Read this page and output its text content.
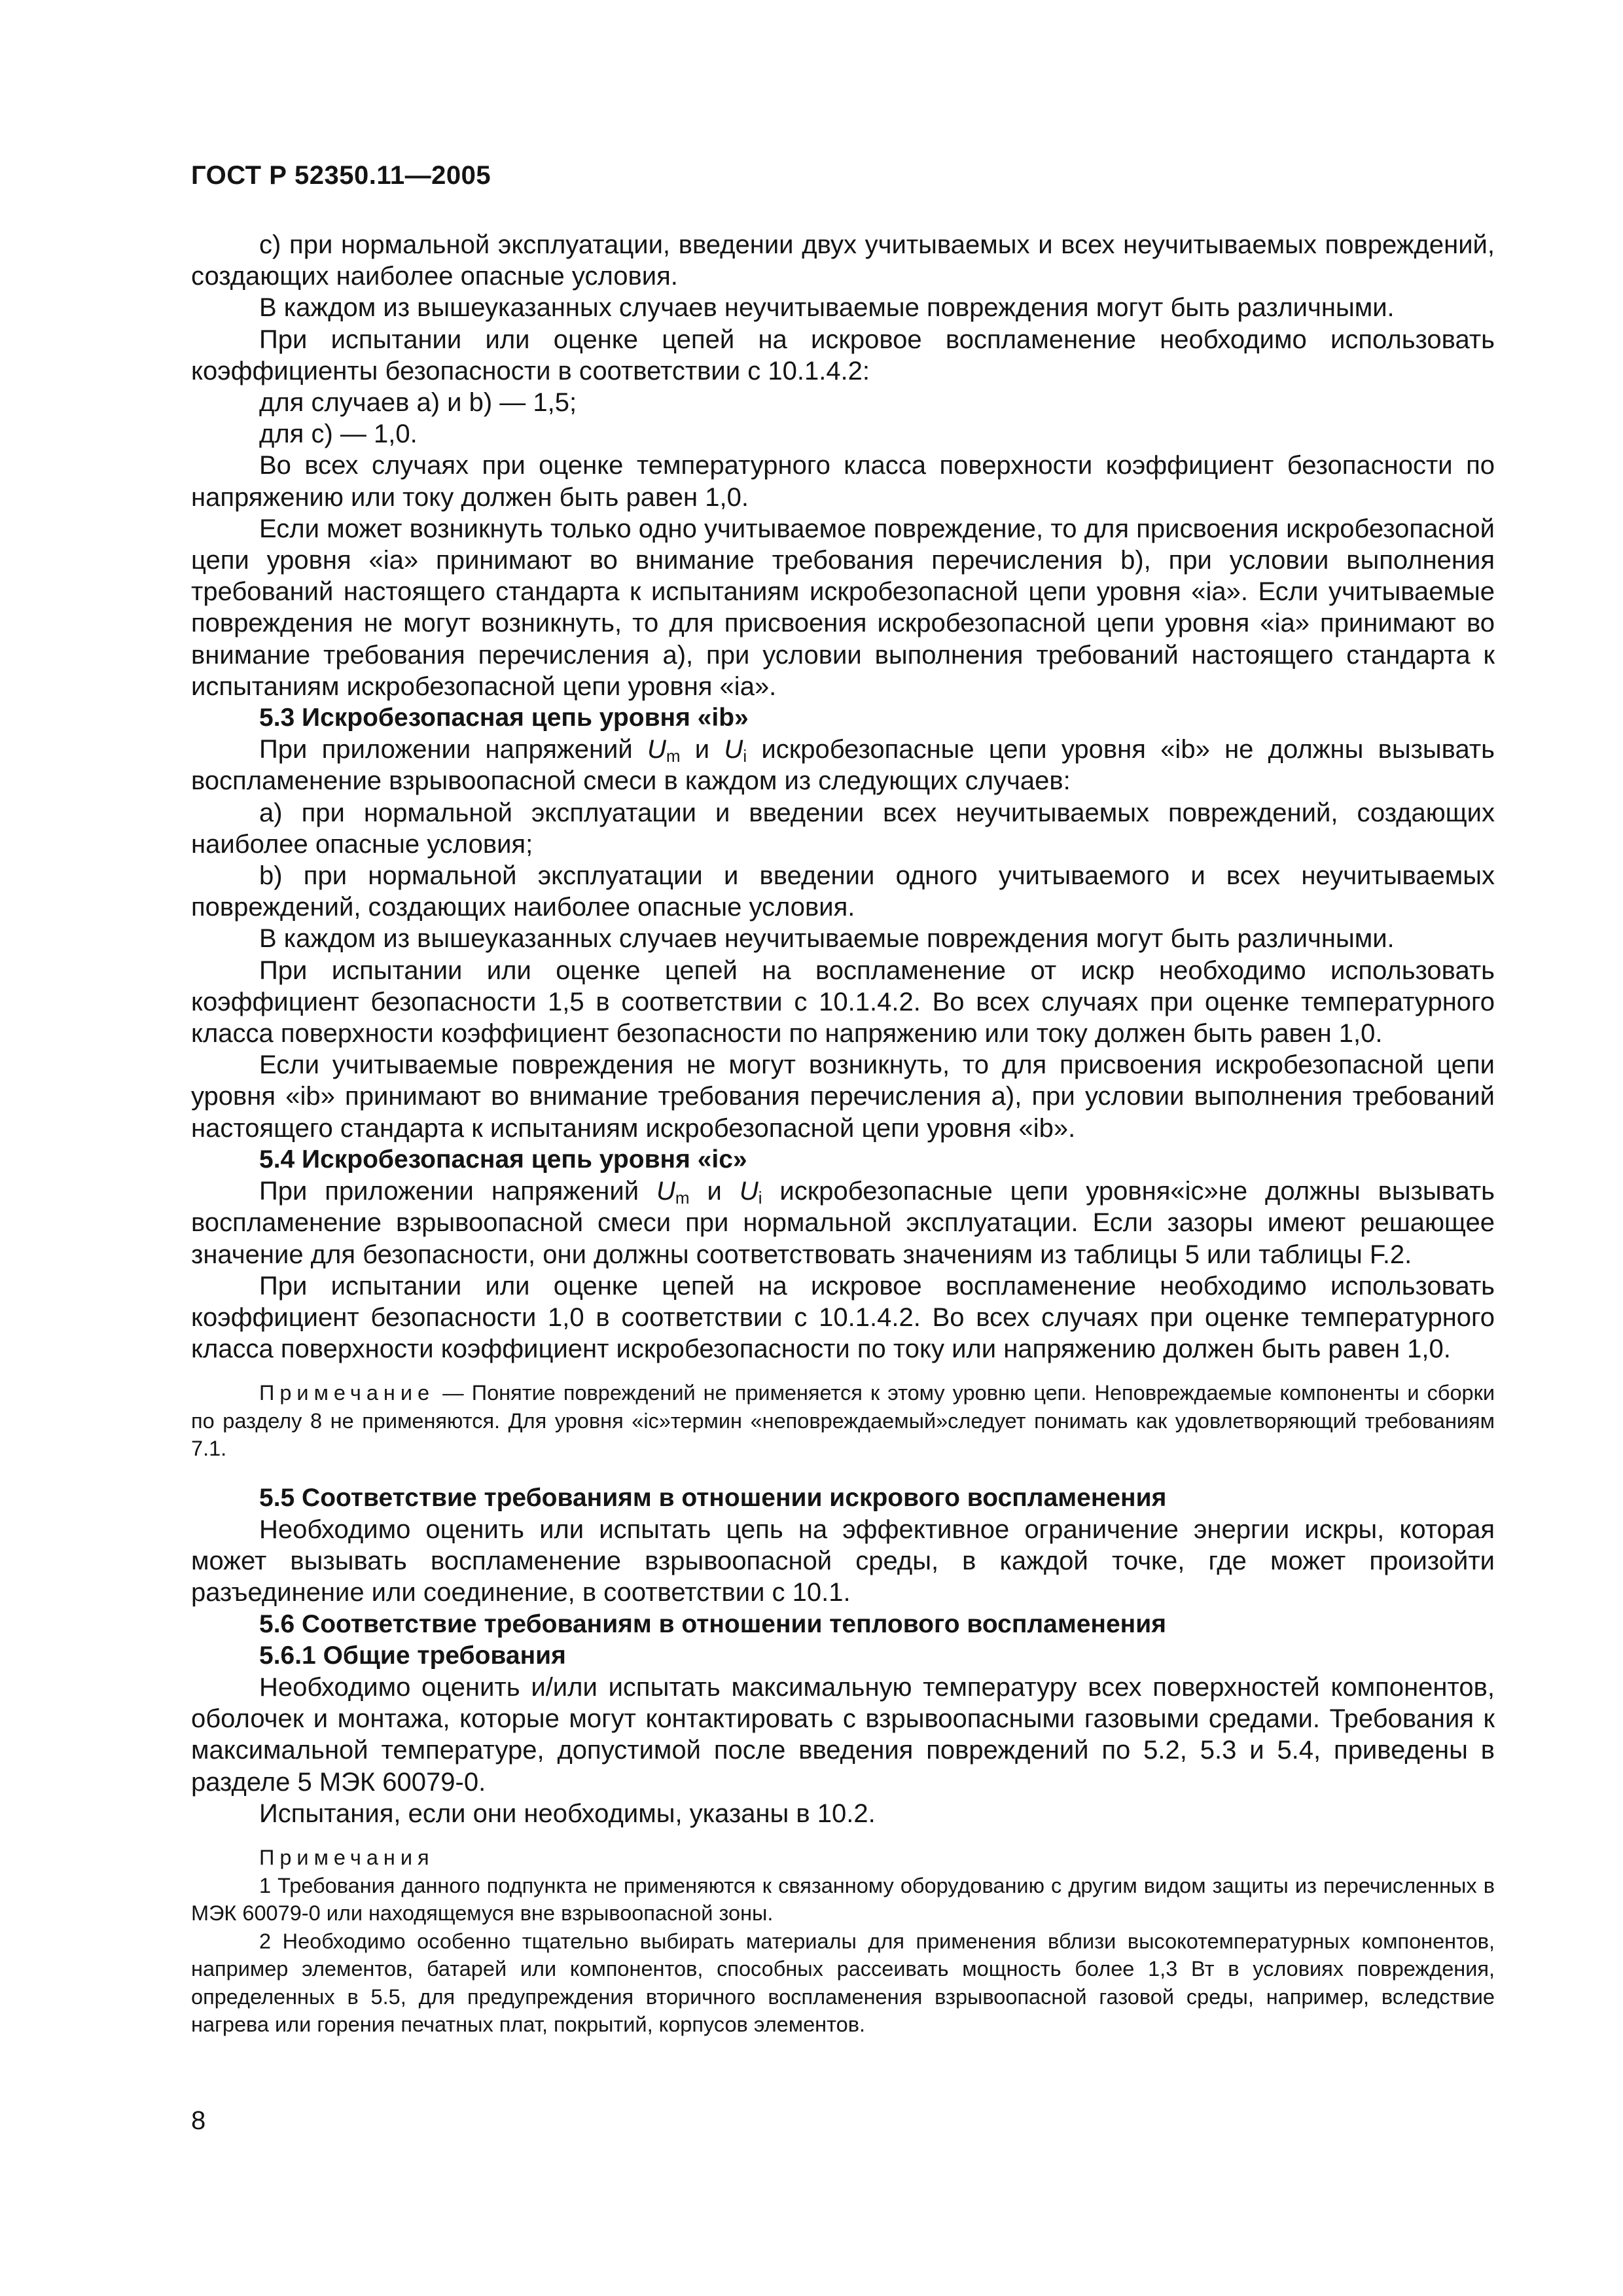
ГОСТ Р 52350.11—2005

с) при нормальной эксплуатации, введении двух учитываемых и всех неучитываемых повреждений, создающих наиболее опасные условия.

В каждом из вышеуказанных случаев неучитываемые повреждения могут быть различными.

При испытании или оценке цепей на искровое воспламенение необходимо использовать коэффициенты безопасности в соответствии с 10.1.4.2:

для случаев а) и b) — 1,5;

для с) — 1,0.

Во всех случаях при оценке температурного класса поверхности коэффициент безопасности по напряжению или току должен быть равен 1,0.

Если может возникнуть только одно учитываемое повреждение, то для присвоения искробезопасной цепи уровня «ia» принимают во внимание требования перечисления b), при условии выполнения требований настоящего стандарта к испытаниям искробезопасной цепи уровня «ia». Если учитываемые повреждения не могут возникнуть, то для присвоения искробезопасной цепи уровня «ia» принимают во внимание требования перечисления а), при условии выполнения требований настоящего стандарта к испытаниям искробезопасной цепи уровня «ia».

5.3 Искробезопасная цепь уровня «ib»

При приложении напряжений $U_m$ и $U_i$ искробезопасные цепи уровня «ib» не должны вызывать воспламенение взрывоопасной смеси в каждом из следующих случаев:

а) при нормальной эксплуатации и введении всех неучитываемых повреждений, создающих наиболее опасные условия;

b) при нормальной эксплуатации и введении одного учитываемого и всех неучитываемых повреждений, создающих наиболее опасные условия.

В каждом из вышеуказанных случаев неучитываемые повреждения могут быть различными.

При испытании или оценке цепей на воспламенение от искр необходимо использовать коэффициент безопасности 1,5 в соответствии с 10.1.4.2. Во всех случаях при оценке температурного класса поверхности коэффициент безопасности по напряжению или току должен быть равен 1,0.

Если учитываемые повреждения не могут возникнуть, то для присвоения искробезопасной цепи уровня «ib» принимают во внимание требования перечисления а), при условии выполнения требований настоящего стандарта к испытаниям искробезопасной цепи уровня «ib».

5.4 Искробезопасная цепь уровня «ic»

При приложении напряжений $U_m$ и $U_i$ искробезопасные цепи уровня«ic»не должны вызывать воспламенение взрывоопасной смеси при нормальной эксплуатации. Если зазоры имеют решающее значение для безопасности, они должны соответствовать значениям из таблицы 5 или таблицы F.2.

При испытании или оценке цепей на искровое воспламенение необходимо использовать коэффициент безопасности 1,0 в соответствии с 10.1.4.2. Во всех случаях при оценке температурного класса поверхности коэффициент искробезопасности по току или напряжению должен быть равен 1,0.

Примечание — Понятие повреждений не применяется к этому уровню цепи. Неповреждаемые компоненты и сборки по разделу 8 не применяются. Для уровня «ic»термин «неповреждаемый»следует понимать как удовлетворяющий требованиям 7.1.

5.5 Соответствие требованиям в отношении искрового воспламенения

Необходимо оценить или испытать цепь на эффективное ограничение энергии искры, которая может вызывать воспламенение взрывоопасной среды, в каждой точке, где может произойти разъединение или соединение, в соответствии с 10.1.

5.6 Соответствие требованиям в отношении теплового воспламенения

5.6.1 Общие требования

Необходимо оценить и/или испытать максимальную температуру всех поверхностей компонентов, оболочек и монтажа, которые могут контактировать с взрывоопасными газовыми средами. Требования к максимальной температуре, допустимой после введения повреждений по 5.2, 5.3 и 5.4, приведены в разделе 5 МЭК 60079-0.

Испытания, если они необходимы, указаны в 10.2.

Примечания

1 Требования данного подпункта не применяются к связанному оборудованию с другим видом защиты из перечисленных в МЭК 60079-0 или находящемуся вне взрывоопасной зоны.

2 Необходимо особенно тщательно выбирать материалы для применения вблизи высокотемпературных компонентов, например элементов, батарей или компонентов, способных рассеивать мощность более 1,3 Вт в условиях повреждения, определенных в 5.5, для предупреждения вторичного воспламенения взрывоопасной газовой среды, например, вследствие нагрева или горения печатных плат, покрытий, корпусов элементов.

8
